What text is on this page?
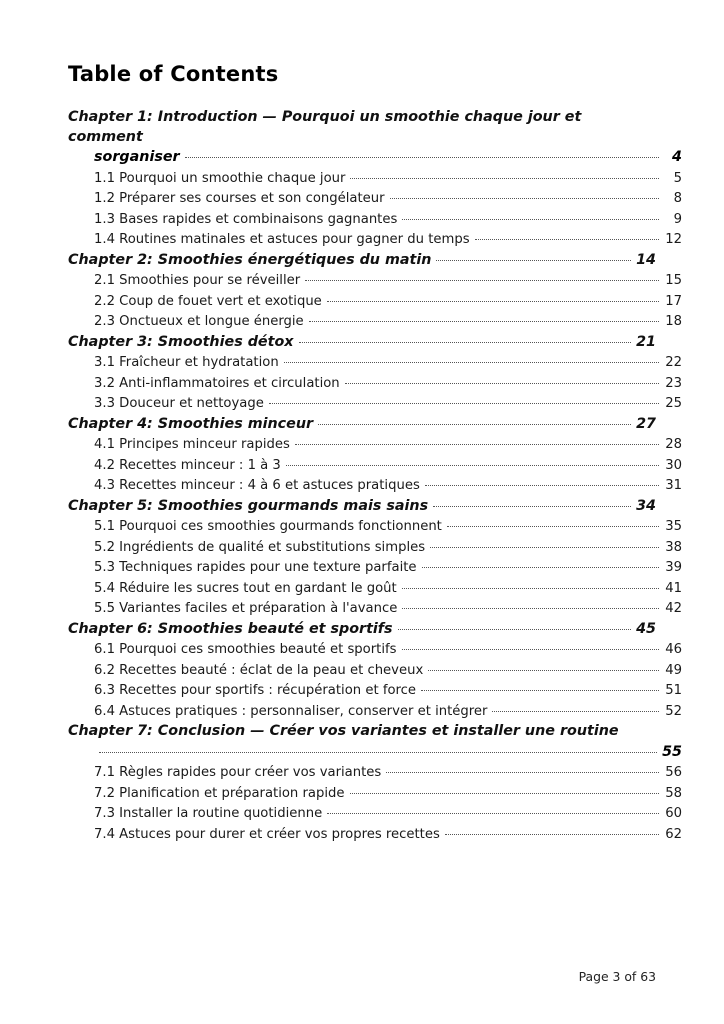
Table of Contents
Chapter 1: Introduction — Pourquoi un smoothie chaque jour et comment
sorganiser	4
1.1 Pourquoi un smoothie chaque jour	5
1.2 Préparer ses courses et son congélateur	8
1.3 Bases rapides et combinaisons gagnantes	9
1.4 Routines matinales et astuces pour gagner du temps	12
Chapter 2: Smoothies énergétiques du matin	14
2.1 Smoothies pour se réveiller	15
2.2 Coup de fouet vert et exotique	17
2.3 Onctueux et longue énergie	18
Chapter 3: Smoothies détox	21
3.1 Fraîcheur et hydratation	22
3.2 Anti-inflammatoires et circulation	23
3.3 Douceur et nettoyage	25
Chapter 4: Smoothies minceur	27
4.1 Principes minceur rapides	28
4.2 Recettes minceur : 1 à 3	30
4.3 Recettes minceur : 4 à 6 et astuces pratiques	31
Chapter 5: Smoothies gourmands mais sains	34
5.1 Pourquoi ces smoothies gourmands fonctionnent	35
5.2 Ingrédients de qualité et substitutions simples	38
5.3 Techniques rapides pour une texture parfaite	39
5.4 Réduire les sucres tout en gardant le goût	41
5.5 Variantes faciles et préparation à l'avance	42
Chapter 6: Smoothies beauté et sportifs	45
6.1 Pourquoi ces smoothies beauté et sportifs	46
6.2 Recettes beauté : éclat de la peau et cheveux	49
6.3 Recettes pour sportifs : récupération et force	51
6.4 Astuces pratiques : personnaliser, conserver et intégrer	52
Chapter 7: Conclusion — Créer vos variantes et installer une routine
55
7.1 Règles rapides pour créer vos variantes	56
7.2 Planification et préparation rapide	58
7.3 Installer la routine quotidienne	60
7.4 Astuces pour durer et créer vos propres recettes	62
Page 3 of 63
